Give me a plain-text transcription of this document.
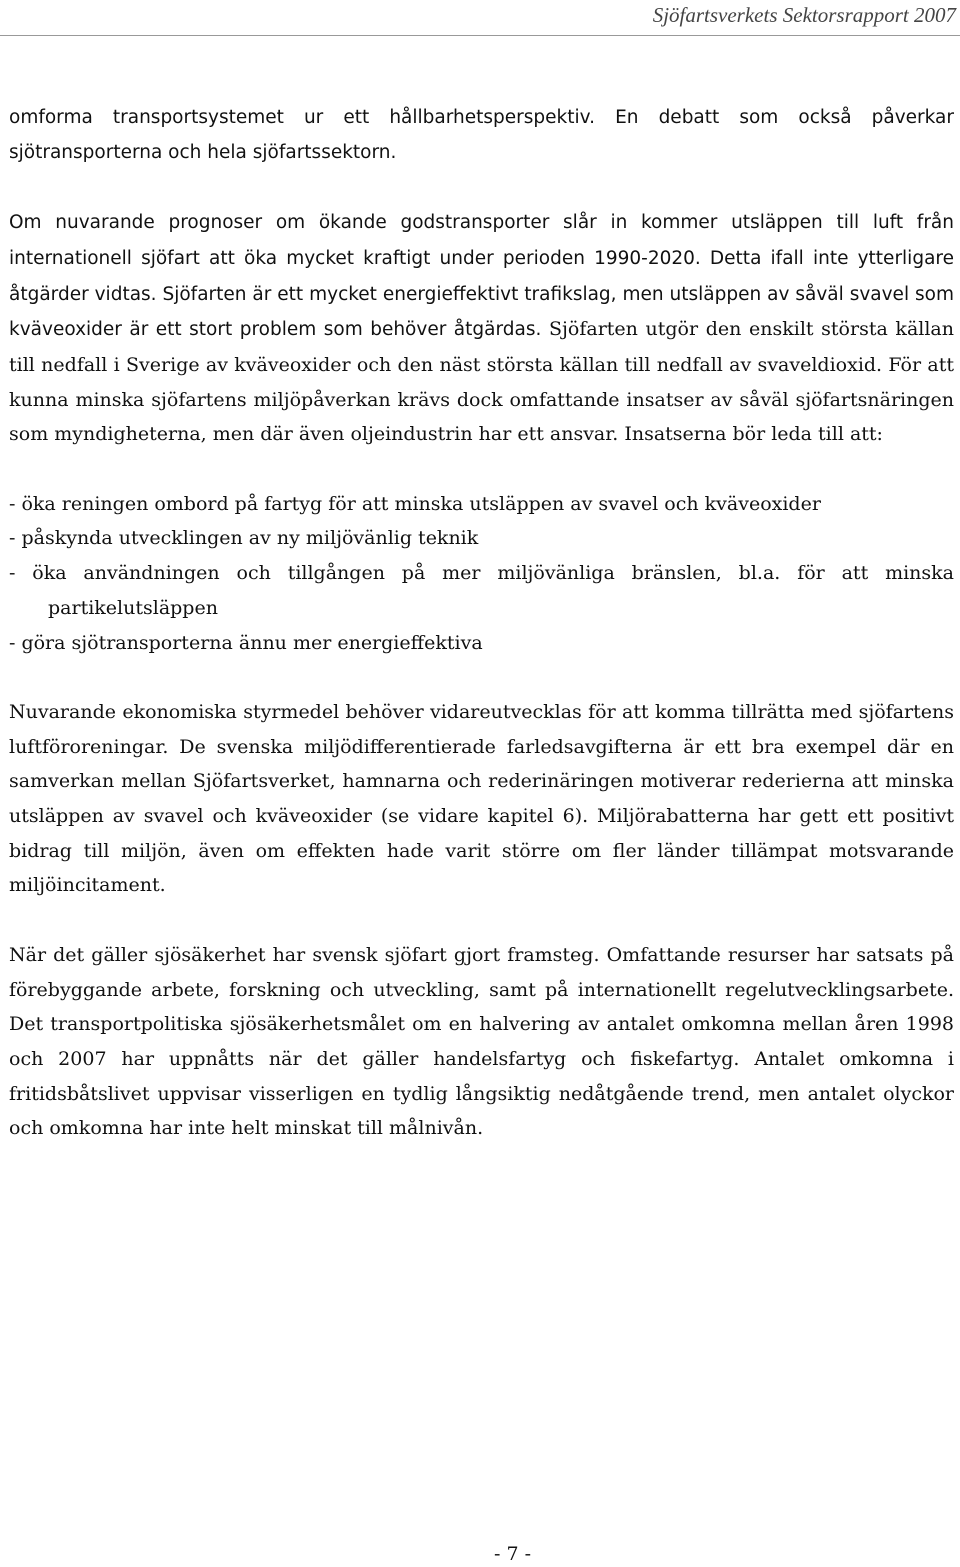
Sjöfartsverkets Sektorsrapport 2007

omforma transportsystemet ur ett hållbarhetsperspektiv. En debatt som också påverkar sjötransporterna och hela sjöfartssektorn.

Om nuvarande prognoser om ökande godstransporter slår in kommer utsläppen till luft från internationell sjöfart att öka mycket kraftigt under perioden 1990-2020. Detta ifall inte ytterligare åtgärder vidtas. Sjöfarten är ett mycket energieffektivt trafikslag, men utsläppen av såväl svavel som kväveoxider är ett stort problem som behöver åtgärdas. Sjöfarten utgör den enskilt största källan till nedfall i Sverige av kväveoxider och den näst största källan till nedfall av svaveldioxid. För att kunna minska sjöfartens miljöpåverkan krävs dock omfattande insatser av såväl sjöfartsnäringen som myndigheterna, men där även oljeindustrin har ett ansvar. Insatserna bör leda till att:

- öka reningen ombord på fartyg för att minska utsläppen av svavel och kväveoxider
- påskynda utvecklingen av ny miljövänlig teknik
- öka användningen och tillgången på mer miljövänliga bränslen, bl.a. för att minska partikelutsläppen
- göra sjötransporterna ännu mer energieffektiva

Nuvarande ekonomiska styrmedel behöver vidareutvecklas för att komma tillrätta med sjöfartens luftföroreningar. De svenska miljödifferentierade farledsavgifterna är ett bra exempel där en samverkan mellan Sjöfartsverket, hamnarna och rederinäringen motiverar rederierna att minska utsläppen av svavel och kväveoxider (se vidare kapitel 6). Miljörabatterna har gett ett positivt bidrag till miljön, även om effekten hade varit större om fler länder tillämpat motsvarande miljöincitament.

När det gäller sjösäkerhet har svensk sjöfart gjort framsteg. Omfattande resurser har satsats på förebyggande arbete, forskning och utveckling, samt på internationellt regelutvecklingsarbete. Det transportpolitiska sjösäkerhetsmålet om en halvering av antalet omkomna mellan åren 1998 och 2007 har uppnåtts när det gäller handelsfartyg och fiskefartyg. Antalet omkomna i fritidsbåtslivet uppvisar visserligen en tydlig långsiktig nedåtgående trend, men antalet olyckor och omkomna har inte helt minskat till målnivån.

- 7 -
